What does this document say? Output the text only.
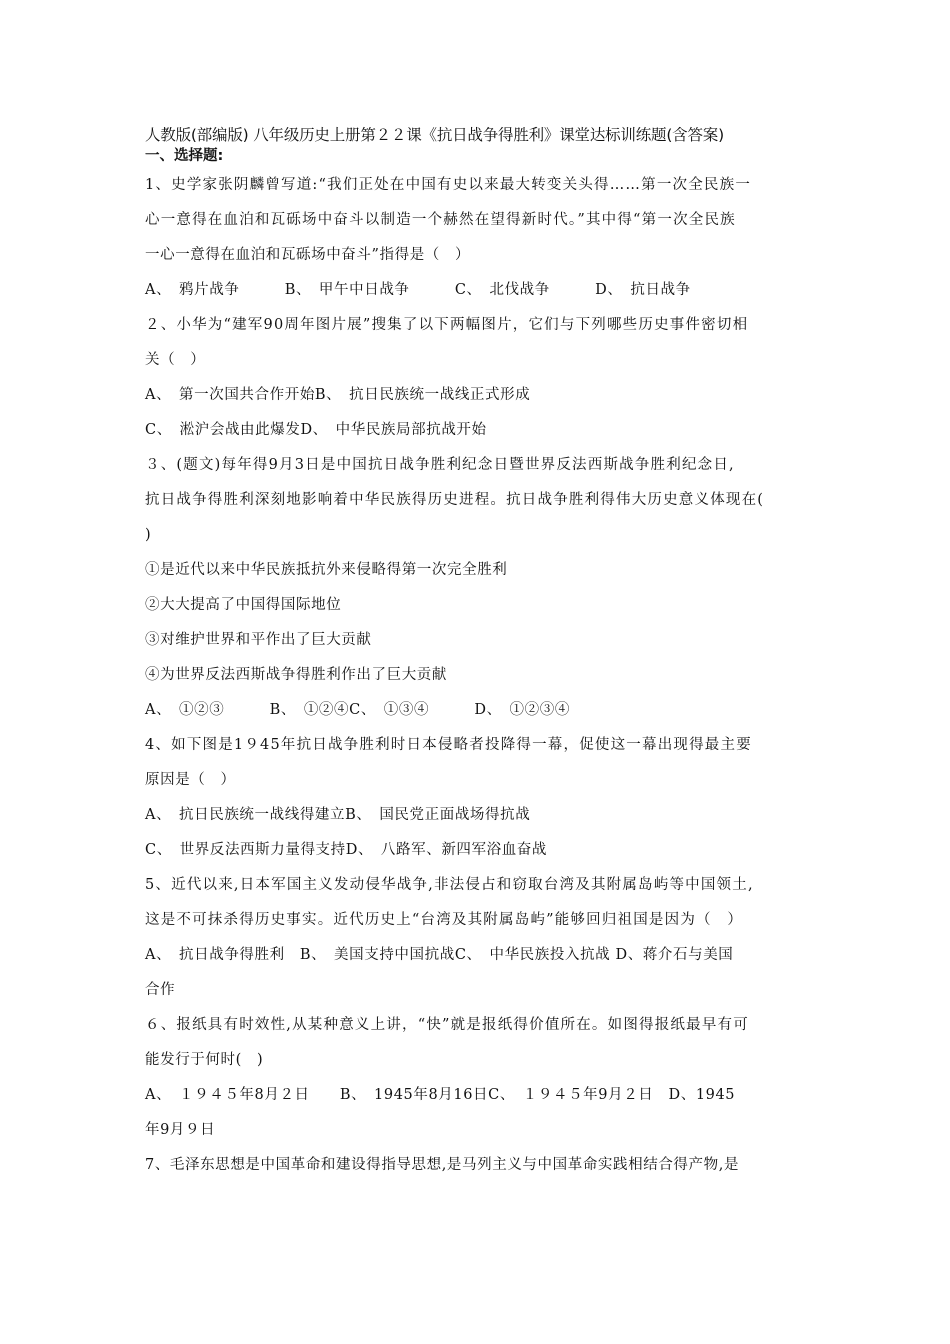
人教版(部编版) 八年级历史上册第２２课《抗日战争得胜利》课堂达标训练题(含答案)
一、选择题:
1、史学家张阴麟曾写道:“我们正处在中国有史以来最大转变关头得……第一次全民族一
心一意得在血泊和瓦砾场中奋斗以制造一个赫然在望得新时代。”其中得“第一次全民族
一心一意得在血泊和瓦砾场中奋斗”指得是（　）
A、　鸦片战争　　　B、　甲午中日战争　　　C、　北伐战争　　　D、　抗日战争
２、小华为“建军90周年图片展”搜集了以下两幅图片，它们与下列哪些历史事件密切相
关（　）
A、　第一次国共合作开始B、　抗日民族统一战线正式形成
C、　淞沪会战由此爆发D、　中华民族局部抗战开始
３、(题文)每年得9月3日是中国抗日战争胜利纪念日暨世界反法西斯战争胜利纪念日,
抗日战争得胜利深刻地影响着中华民族得历史进程。抗日战争胜利得伟大历史意义体现在(
)
①是近代以来中华民族抵抗外来侵略得第一次完全胜利
②大大提高了中国得国际地位
③对维护世界和平作出了巨大贡献
④为世界反法西斯战争得胜利作出了巨大贡献
A、　①②③　　　B、　①②④C、　①③④　　　D、　①②③④
4、如下图是1９45年抗日战争胜利时日本侵略者投降得一幕，促使这一幕出现得最主要
原因是（　）
A、　抗日民族统一战线得建立B、　国民党正面战场得抗战
C、　世界反法西斯力量得支持D、　八路军、新四军浴血奋战
5、近代以来,日本军国主义发动侵华战争,非法侵占和窃取台湾及其附属岛屿等中国领土,
这是不可抹杀得历史事实。近代历史上“台湾及其附属岛屿”能够回归祖国是因为（　）
A、　抗日战争得胜利　B、　美国支持中国抗战C、　中华民族投入抗战 D、蒋介石与美国
合作
６、报纸具有时效性,从某种意义上讲，“快”就是报纸得价值所在。如图得报纸最早有可
能发行于何时(　)
A、　１９４５年8月２日　　B、　1945年8月16日C、　１９４５年9月２日　D、1945
年9月９日
7、毛泽东思想是中国革命和建设得指导思想,是马列主义与中国革命实践相结合得产物,是
